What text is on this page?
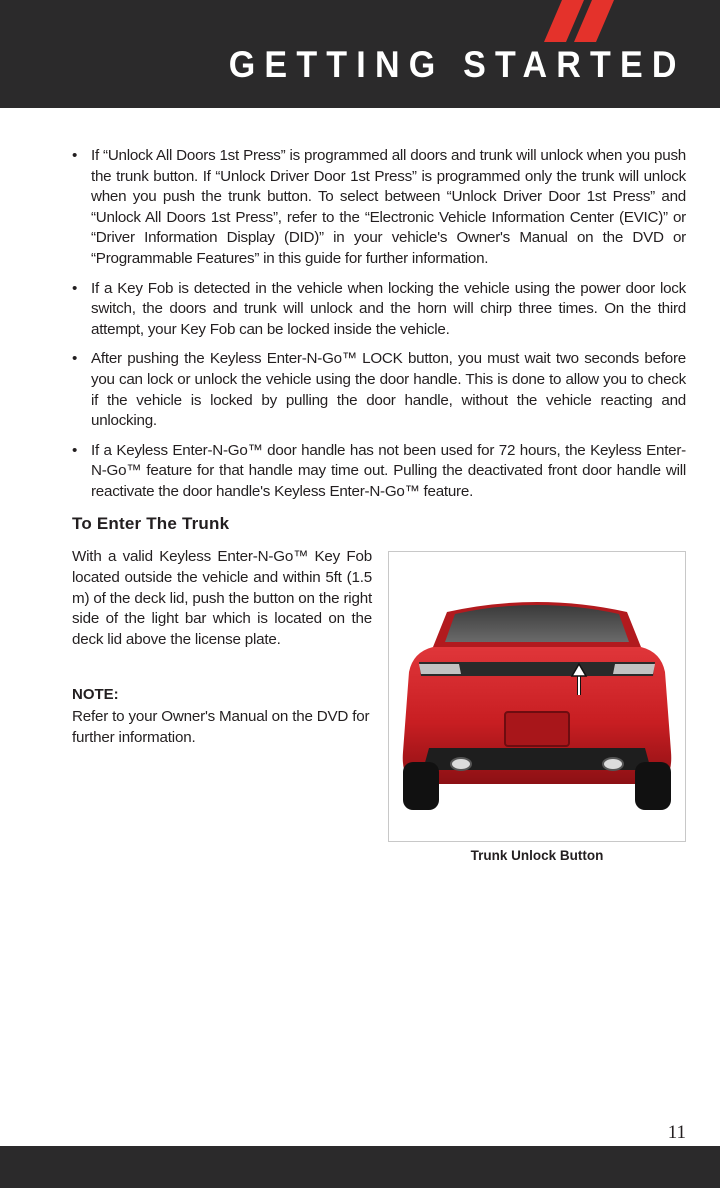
GETTING STARTED
• If “Unlock All Doors 1st Press” is programmed all doors and trunk will unlock when you push the trunk button. If “Unlock Driver Door 1st Press” is programmed only the trunk will unlock when you push the trunk button. To select between “Unlock Driver Door 1st Press” and “Unlock All Doors 1st Press”, refer to the “Electronic Vehicle Information Center (EVIC)” or “Driver Information Display (DID)” in your vehicle's Owner's Manual on the DVD or “Programmable Features” in this guide for further information.
• If a Key Fob is detected in the vehicle when locking the vehicle using the power door lock switch, the doors and trunk will unlock and the horn will chirp three times. On the third attempt, your Key Fob can be locked inside the vehicle.
• After pushing the Keyless Enter-N-Go™ LOCK button, you must wait two seconds before you can lock or unlock the vehicle using the door handle. This is done to allow you to check if the vehicle is locked by pulling the door handle, without the vehicle reacting and unlocking.
• If a Keyless Enter-N-Go™ door handle has not been used for 72 hours, the Keyless Enter-N-Go™ feature for that handle may time out. Pulling the deactivated front door handle will reactivate the door handle's Keyless Enter-N-Go™ feature.
To Enter The Trunk

With a valid Keyless Enter-N-Go™ Key Fob located outside the vehicle and within 5ft (1.5 m) of the deck lid, push the button on the right side of the light bar which is located on the deck lid above the license plate.

NOTE:

Refer to your Owner's Manual on the DVD for further information.

Trunk Unlock Button
11
